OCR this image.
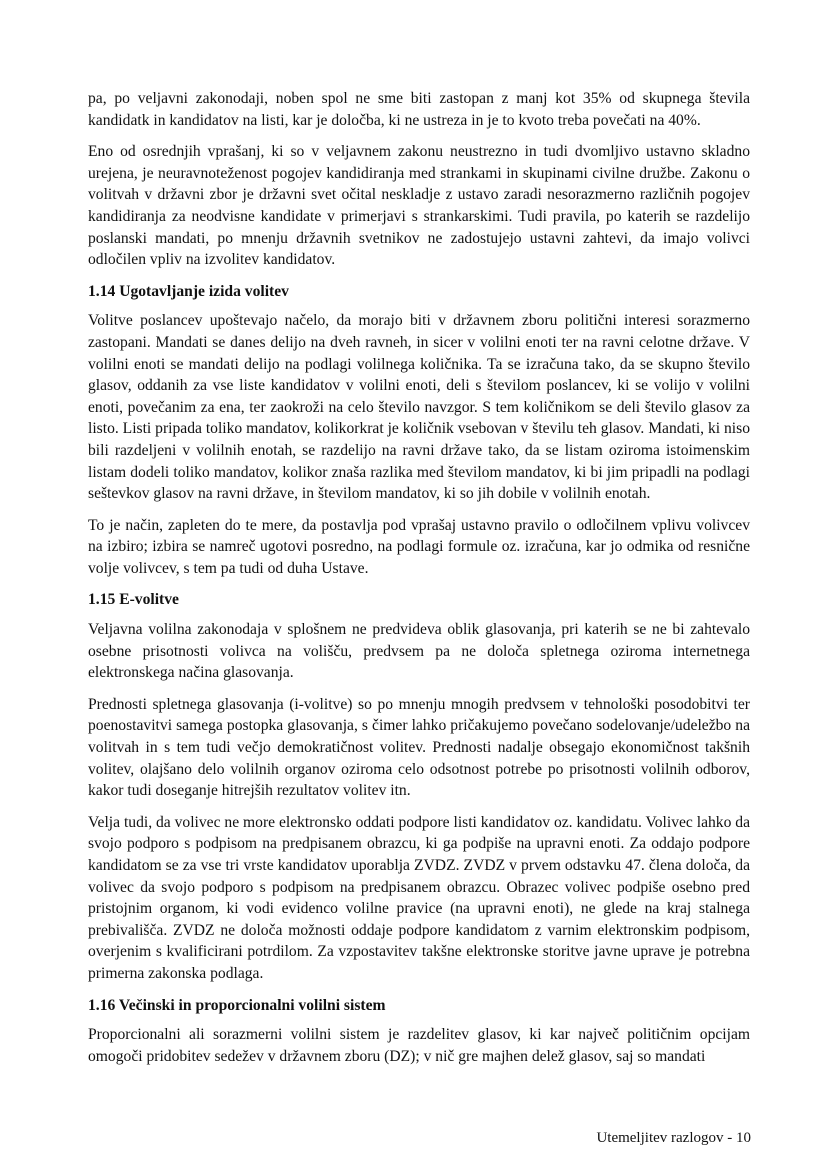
pa, po veljavni zakonodaji, noben spol ne sme biti zastopan z manj kot 35% od skupnega števila kandidatk in kandidatov na listi, kar je določba, ki ne ustreza in je to kvoto treba povečati na 40%.

Eno od osrednjih vprašanj, ki so v veljavnem zakonu neustrezno in tudi dvomljivo ustavno skladno urejena, je neuravnoteženost pogojev kandidiranja med strankami in skupinami civilne družbe. Zakonu o volitvah v državni zbor je državni svet očital neskladje z ustavo zaradi nesorazmerno različnih pogojev kandidiranja za neodvisne kandidate v primerjavi s strankarskimi. Tudi pravila, po katerih se razdelijo poslanski mandati, po mnenju državnih svetnikov ne zadostujejo ustavni zahtevi, da imajo volivci odločilen vpliv na izvolitev kandidatov.

1.14 Ugotavljanje izida volitev

Volitve poslancev upoštevajo načelo, da morajo biti v državnem zboru politični interesi sorazmerno zastopani. Mandati se danes delijo na dveh ravneh, in sicer v volilni enoti ter na ravni celotne države. V volilni enoti se mandati delijo na podlagi volilnega količnika. Ta se izračuna tako, da se skupno število glasov, oddanih za vse liste kandidatov v volilni enoti, deli s številom poslancev, ki se volijo v volilni enoti, povečanim za ena, ter zaokroži na celo število navzgor. S tem količnikom se deli število glasov za listo. Listi pripada toliko mandatov, kolikorkrat je količnik vsebovan v številu teh glasov. Mandati, ki niso bili razdeljeni v volilnih enotah, se razdelijo na ravni države tako, da se listam oziroma istoimenskim listam dodeli toliko mandatov, kolikor znaša razlika med številom mandatov, ki bi jim pripadli na podlagi seštevkov glasov na ravni države, in številom mandatov, ki so jih dobile v volilnih enotah.

To je način, zapleten do te mere, da postavlja pod vprašaj ustavno pravilo o odločilnem vplivu volivcev na izbiro; izbira se namreč ugotovi posredno, na podlagi formule oz. izračuna, kar jo odmika od resnične volje volivcev, s tem pa tudi od duha Ustave.

1.15 E-volitve

Veljavna volilna zakonodaja v splošnem ne predvideva oblik glasovanja, pri katerih se ne bi zahtevalo osebne prisotnosti volivca na volišču, predvsem pa ne določa spletnega oziroma internetnega elektronskega načina glasovanja.

Prednosti spletnega glasovanja (i-volitve) so po mnenju mnogih predvsem v tehnološki posodobitvi ter poenostavitvi samega postopka glasovanja, s čimer lahko pričakujemo povečano sodelovanje/udeležbo na volitvah in s tem tudi večjo demokratičnost volitev. Prednosti nadalje obsegajo ekonomičnost takšnih volitev, olajšano delo volilnih organov oziroma celo odsotnost potrebe po prisotnosti volilnih odborov, kakor tudi doseganje hitrejših rezultatov volitev itn.

Velja tudi, da volivec ne more elektronsko oddati podpore listi kandidatov oz. kandidatu. Volivec lahko da svojo podporo s podpisom na predpisanem obrazcu, ki ga podpiše na upravni enoti. Za oddajo podpore kandidatom se za vse tri vrste kandidatov uporablja ZVDZ. ZVDZ v prvem odstavku 47. člena določa, da volivec da svojo podporo s podpisom na predpisanem obrazcu. Obrazec volivec podpiše osebno pred pristojnim organom, ki vodi evidenco volilne pravice (na upravni enoti), ne glede na kraj stalnega prebivališča. ZVDZ ne določa možnosti oddaje podpore kandidatom z varnim elektronskim podpisom, overjenim s kvalificirani potrdilom. Za vzpostavitev takšne elektronske storitve javne uprave je potrebna primerna zakonska podlaga.

1.16 Večinski in proporcionalni volilni sistem

Proporcionalni ali sorazmerni volilni sistem je razdelitev glasov, ki kar največ političnim opcijam omogoči pridobitev sedežev v državnem zboru (DZ); v nič gre majhen delež glasov, saj so mandati

Utemeljitev razlogov - 10
